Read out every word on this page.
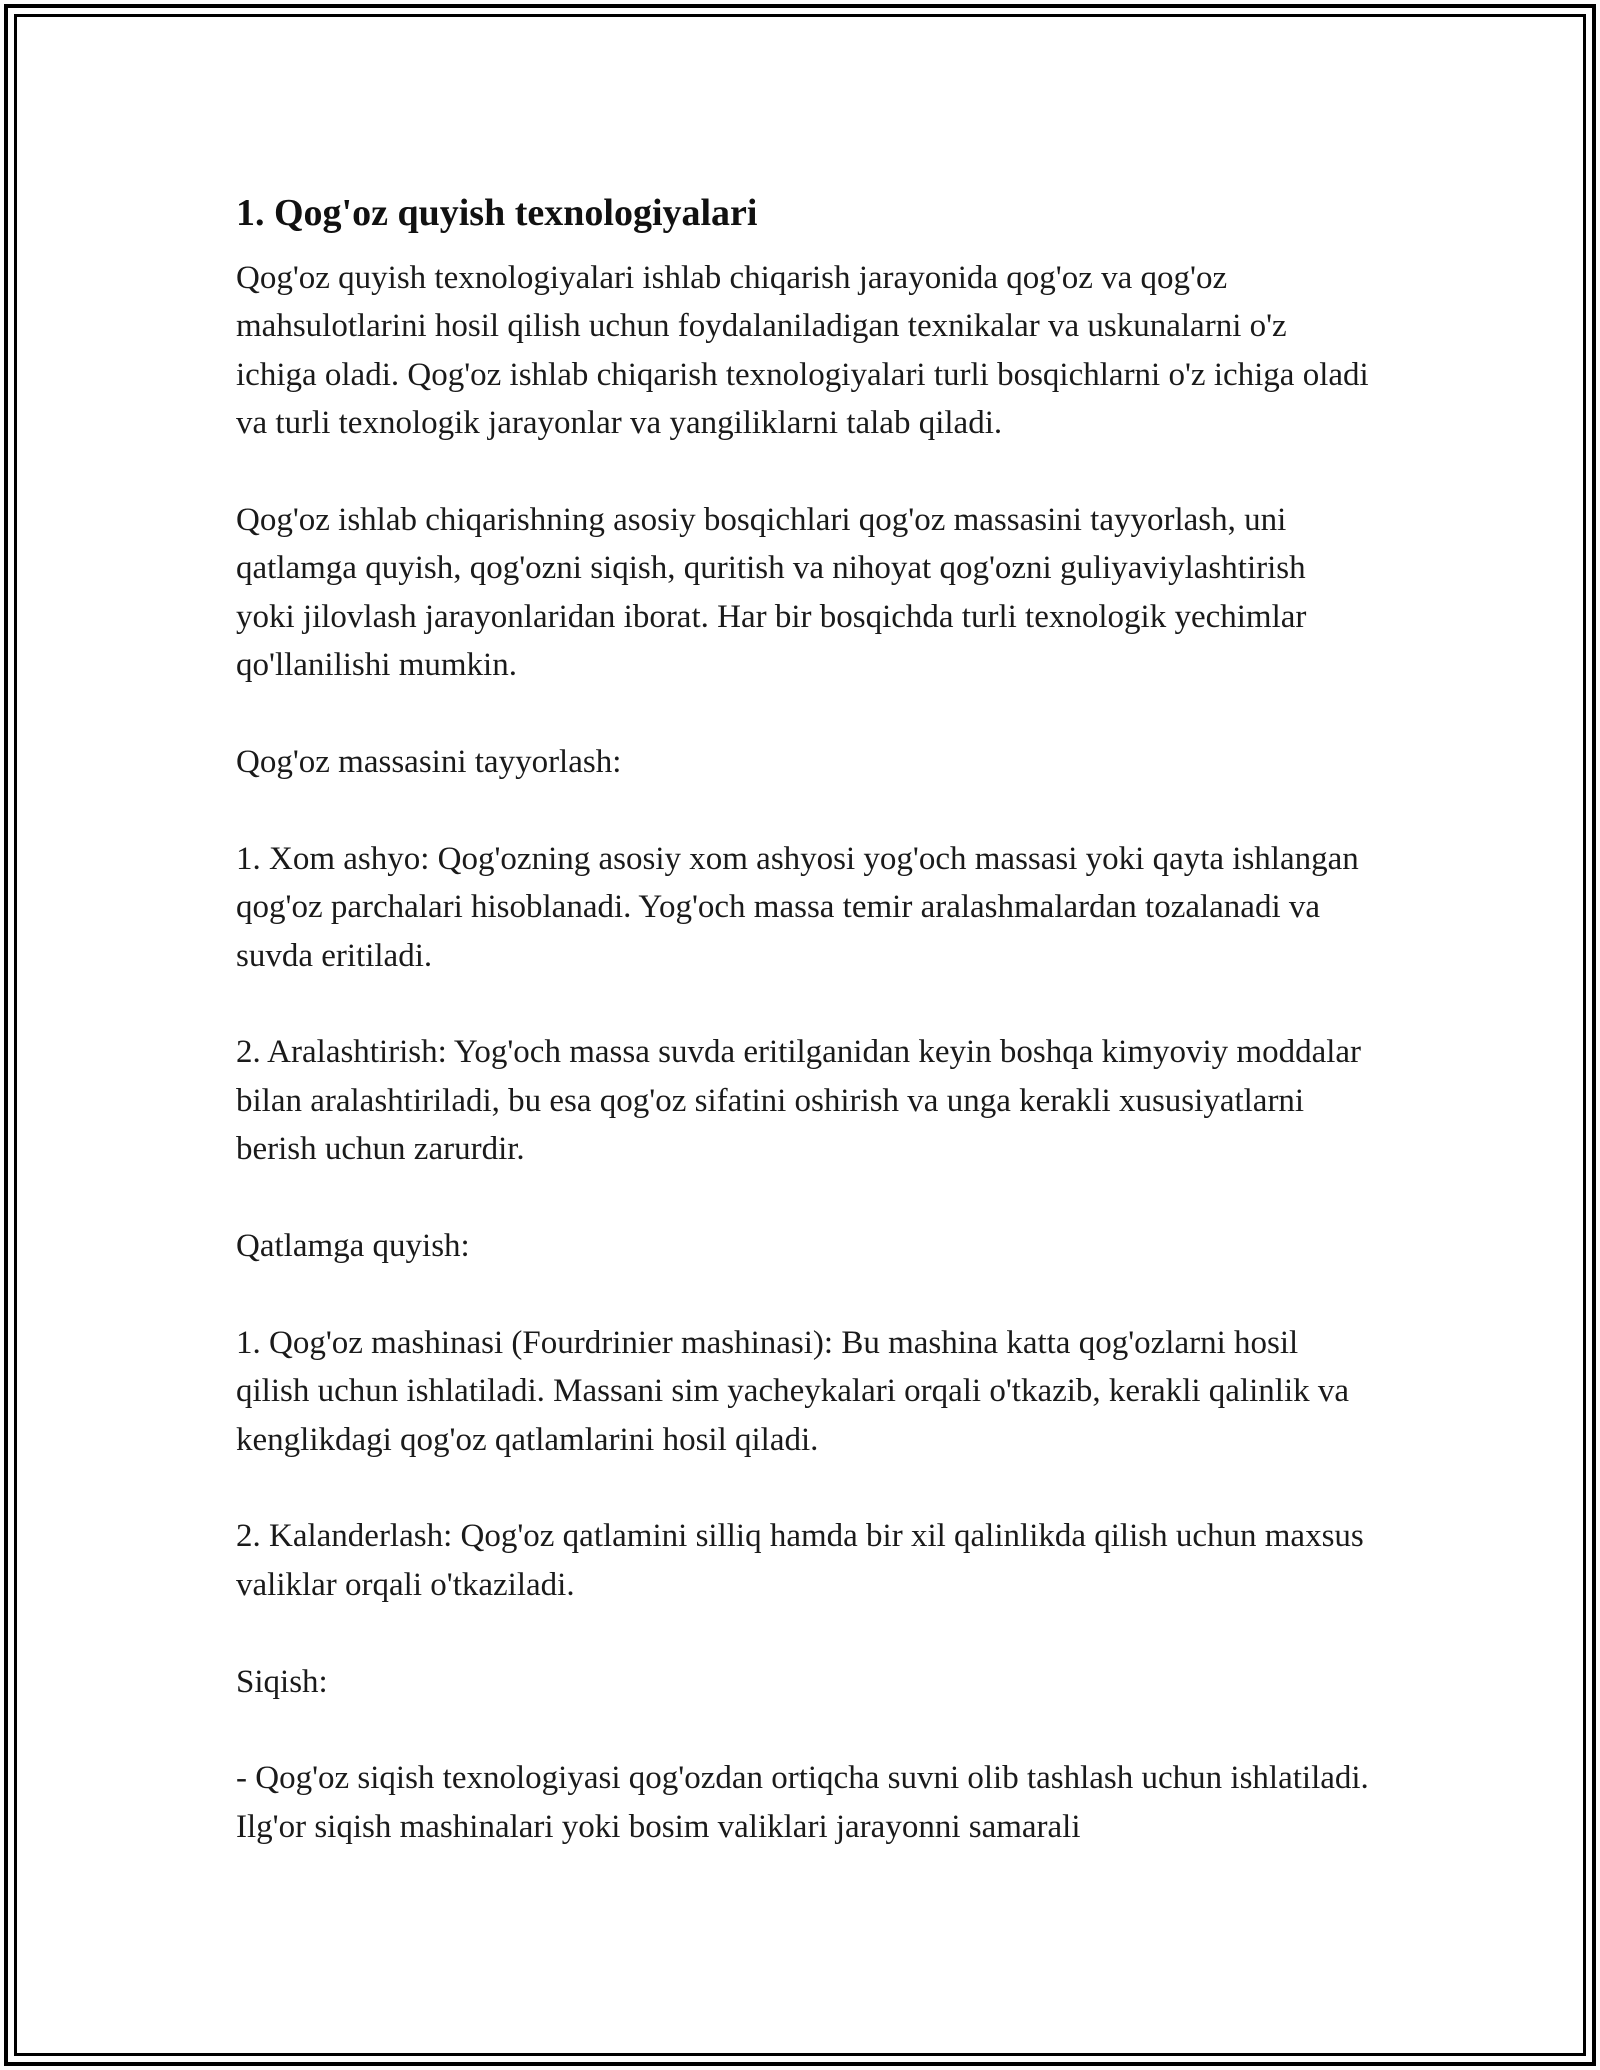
1. Qog'oz quyish texnologiyalari

Qog'oz quyish texnologiyalari ishlab chiqarish jarayonida qog'oz va qog'oz mahsulotlarini hosil qilish uchun foydalaniladigan texnikalar va uskunalarni o'z ichiga oladi. Qog'oz ishlab chiqarish texnologiyalari turli bosqichlarni o'z ichiga oladi va turli texnologik jarayonlar va yangiliklarni talab qiladi.

Qog'oz ishlab chiqarishning asosiy bosqichlari qog'oz massasini tayyorlash, uni qatlamga quyish, qog'ozni siqish, quritish va nihoyat qog'ozni guliyaviylashtirish yoki jilovlash jarayonlaridan iborat. Har bir bosqichda turli texnologik yechimlar qo'llanilishi mumkin.

Qog'oz massasini tayyorlash:

1. Xom ashyo: Qog'ozning asosiy xom ashyosi yog'och massasi yoki qayta ishlangan qog'oz parchalari hisoblanadi. Yog'och massa temir aralashmalardan tozalanadi va suvda eritiladi.

2. Aralashtirish: Yog'och massa suvda eritilganidan keyin boshqa kimyoviy moddalar bilan aralashtiriladi, bu esa qog'oz sifatini oshirish va unga kerakli xususiyatlarni berish uchun zarurdir.

Qatlamga quyish:

1. Qog'oz mashinasi (Fourdrinier mashinasi): Bu mashina katta qog'ozlarni hosil qilish uchun ishlatiladi. Massani sim yacheykalari orqali o'tkazib, kerakli qalinlik va kenglikdagi qog'oz qatlamlarini hosil qiladi.

2. Kalanderlash: Qog'oz qatlamini silliq hamda bir xil qalinlikda qilish uchun maxsus valiklar orqali o'tkaziladi.

Siqish:

- Qog'oz siqish texnologiyasi qog'ozdan ortiqcha suvni olib tashlash uchun ishlatiladi. Ilg'or siqish mashinalari yoki bosim valiklari jarayonni samarali
